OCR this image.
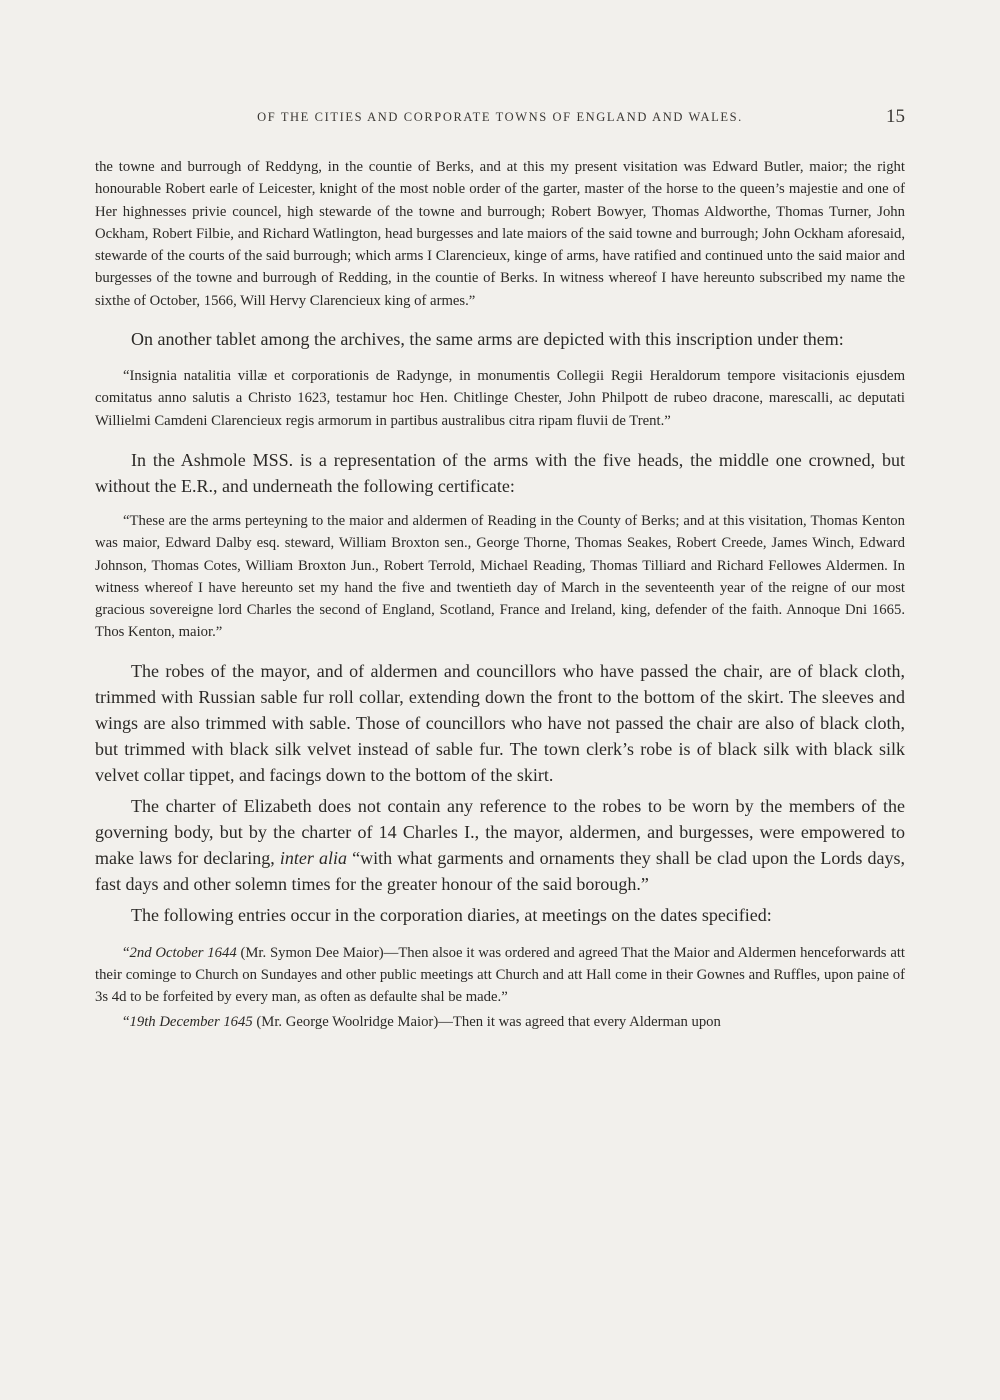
OF THE CITIES AND CORPORATE TOWNS OF ENGLAND AND WALES.	15

the towne and burrough of Reddyng, in the countie of Berks, and at this my present visitation was Edward Butler, maior; the right honourable Robert earle of Leicester, knight of the most noble order of the garter, master of the horse to the queen’s majestie and one of Her highnesses privie councel, high stewarde of the towne and burrough; Robert Bowyer, Thomas Aldworthe, Thomas Turner, John Ockham, Robert Filbie, and Richard Watlington, head burgesses and late maiors of the said towne and burrough; John Ockham aforesaid, stewarde of the courts of the said burrough; which arms I Clarencieux, kinge of arms, have ratified and continued unto the said maior and burgesses of the towne and burrough of Redding, in the countie of Berks. In witness whereof I have hereunto subscribed my name the sixthe of October, 1566, Will Hervy Clarencieux king of armes.”

On another tablet among the archives, the same arms are depicted with this inscription under them:

“Insignia natalitia villæ et corporationis de Radynge, in monumentis Collegii Regii Heraldorum tempore visitacionis ejusdem comitatus anno salutis a Christo 1623, testamur hoc Hen. Chitlinge Chester, John Philpott de rubeo dracone, marescalli, ac deputati Willielmi Camdeni Clarencieux regis armorum in partibus australibus citra ripam fluvii de Trent.”

In the Ashmole MSS. is a representation of the arms with the five heads, the middle one crowned, but without the E.R., and underneath the following certificate:

“These are the arms perteyning to the maior and aldermen of Reading in the County of Berks; and at this visitation, Thomas Kenton was maior, Edward Dalby esq. steward, William Broxton sen., George Thorne, Thomas Seakes, Robert Creede, James Winch, Edward Johnson, Thomas Cotes, William Broxton Jun., Robert Terrold, Michael Reading, Thomas Tilliard and Richard Fellowes Aldermen. In witness whereof I have hereunto set my hand the five and twentieth day of March in the seventeenth year of the reigne of our most gracious sovereigne lord Charles the second of England, Scotland, France and Ireland, king, defender of the faith. Annoque Dni 1665. Thos Kenton, maior.”

The robes of the mayor, and of aldermen and councillors who have passed the chair, are of black cloth, trimmed with Russian sable fur roll collar, extending down the front to the bottom of the skirt. The sleeves and wings are also trimmed with sable. Those of councillors who have not passed the chair are also of black cloth, but trimmed with black silk velvet instead of sable fur. The town clerk’s robe is of black silk with black silk velvet collar tippet, and facings down to the bottom of the skirt.

The charter of Elizabeth does not contain any reference to the robes to be worn by the members of the governing body, but by the charter of 14 Charles I., the mayor, aldermen, and burgesses, were empowered to make laws for declaring, inter alia “with what garments and ornaments they shall be clad upon the Lords days, fast days and other solemn times for the greater honour of the said borough.”

The following entries occur in the corporation diaries, at meetings on the dates specified:

“2nd October 1644 (Mr. Symon Dee Maior)—Then alsoe it was ordered and agreed That the Maior and Aldermen henceforwards att their cominge to Church on Sundayes and other public meetings att Church and att Hall come in their Gownes and Ruffles, upon paine of 3s 4d to be forfeited by every man, as often as defaulte shal be made.”

“19th December 1645 (Mr. George Woolridge Maior)—Then it was agreed that every Alderman upon
